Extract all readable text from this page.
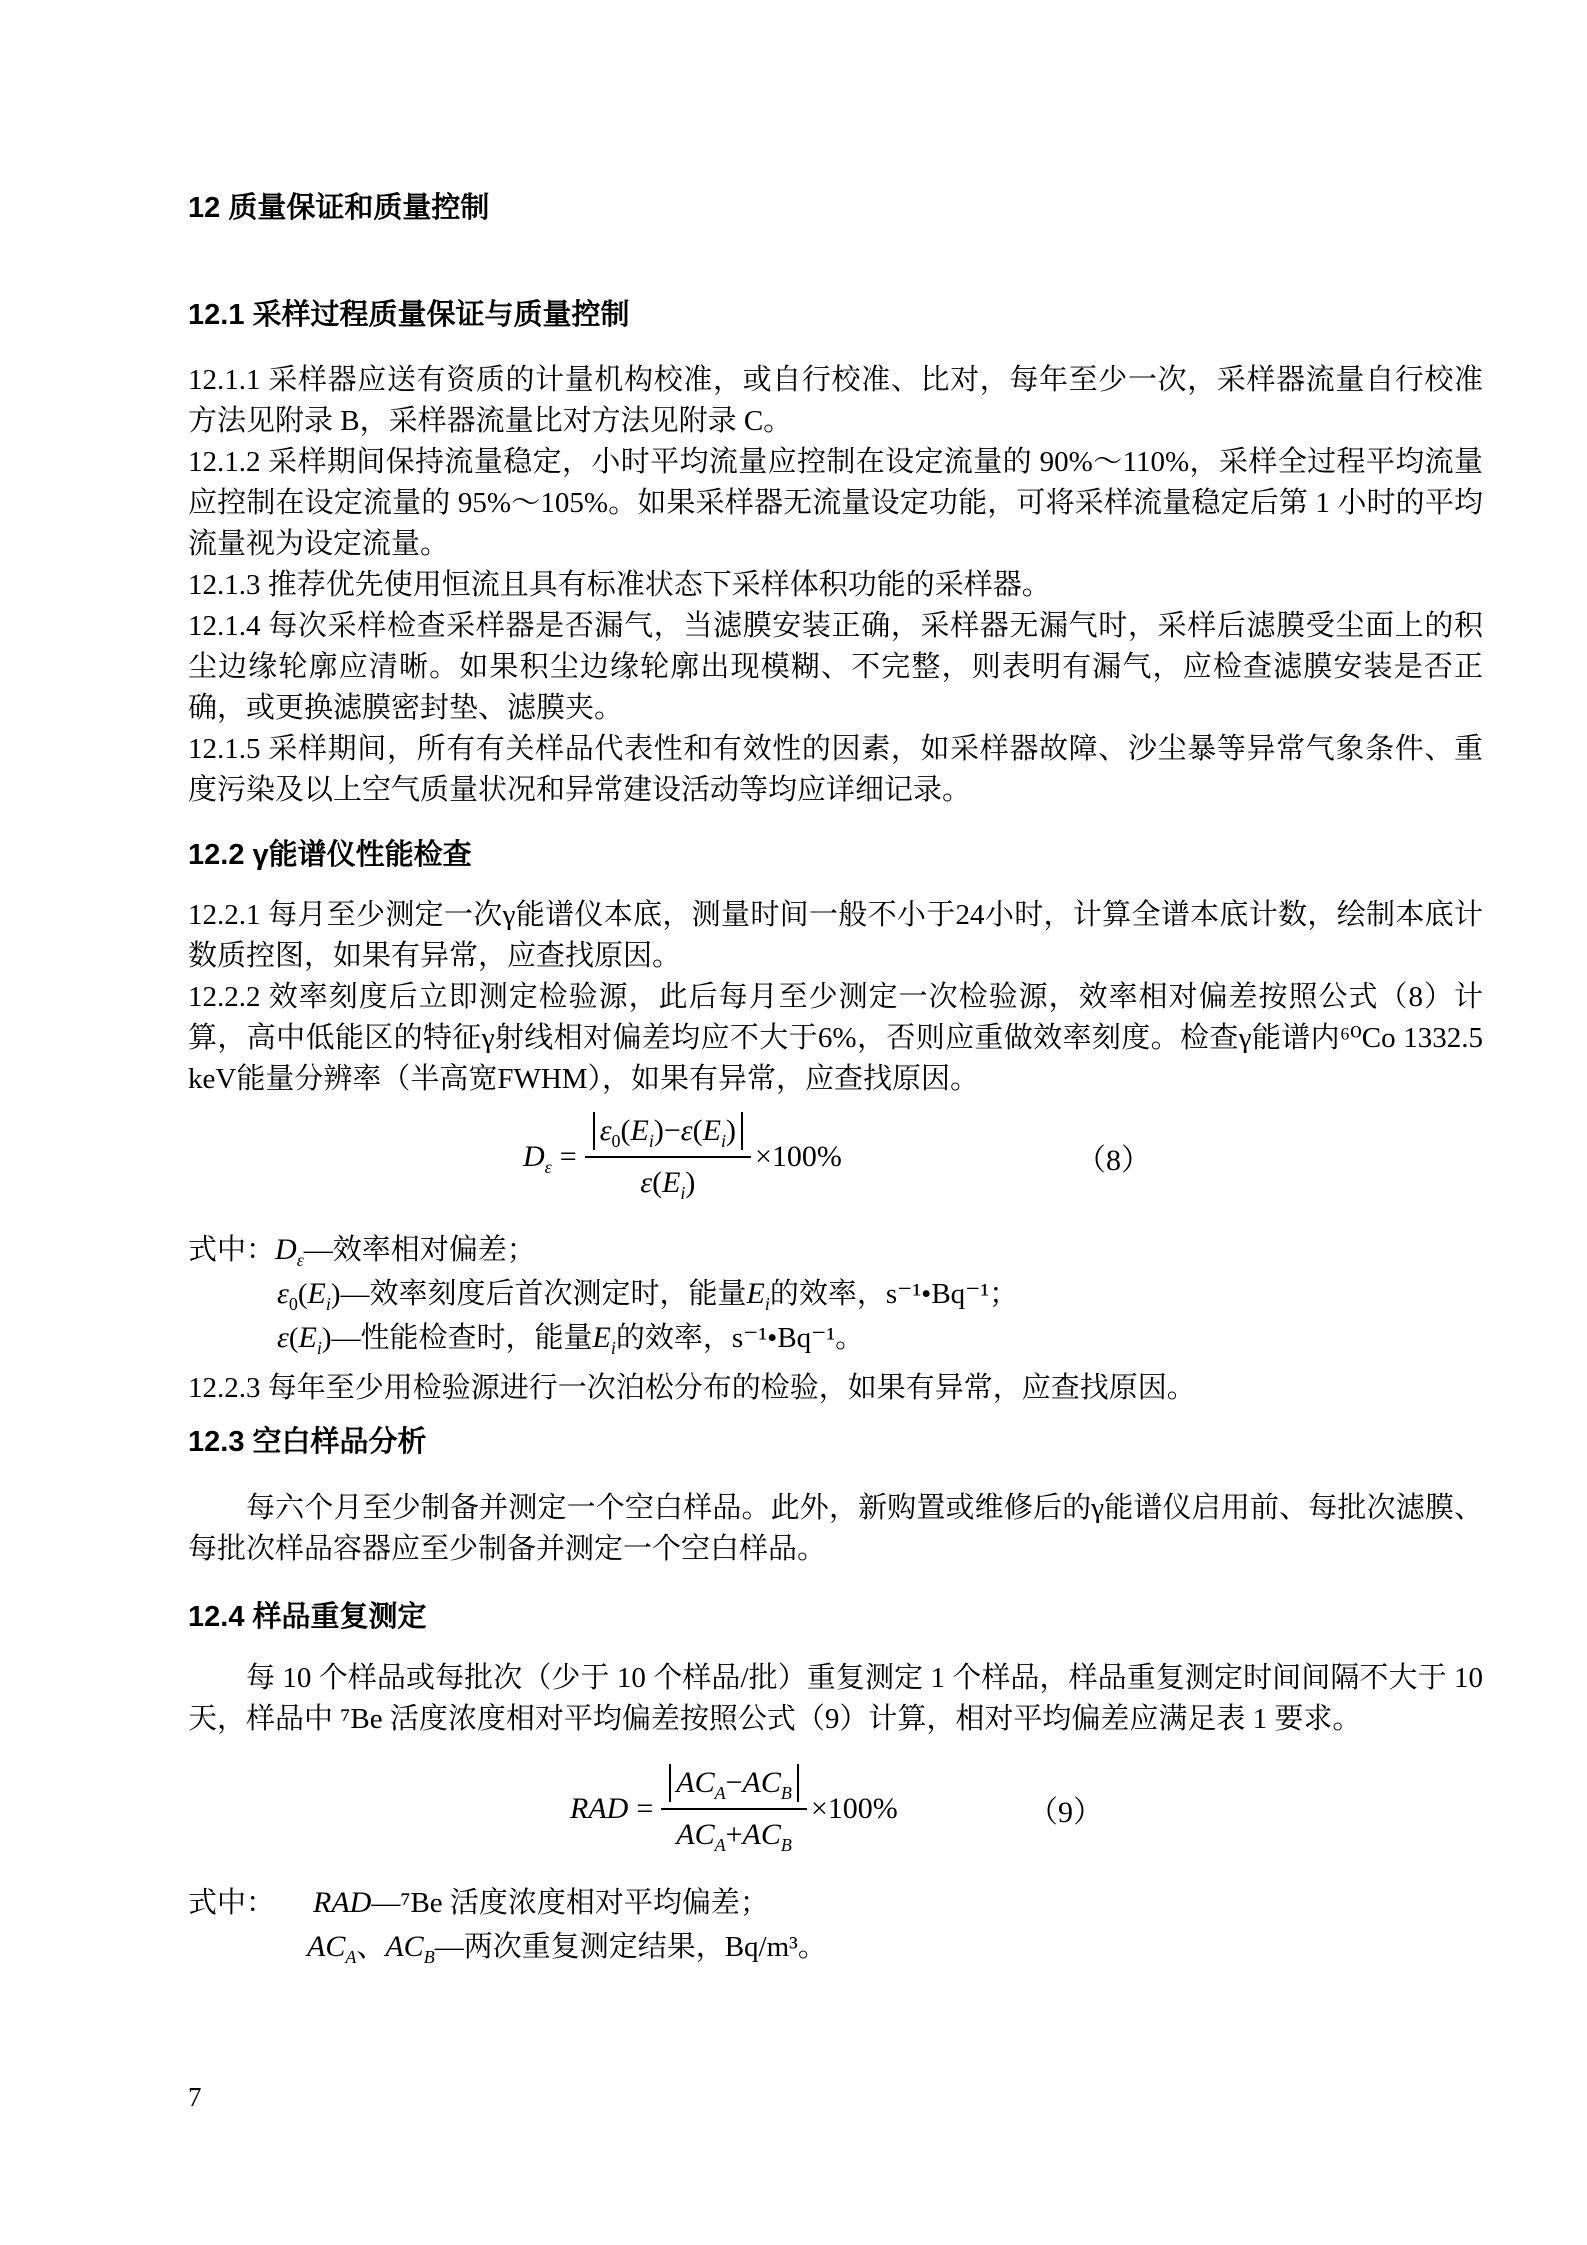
12 质量保证和质量控制
12.1 采样过程质量保证与质量控制

12.1.1 采样器应送有资质的计量机构校准，或自行校准、比对，每年至少一次，采样器流量自行校准方法见附录 B，采样器流量比对方法见附录 C。

12.1.2 采样期间保持流量稳定，小时平均流量应控制在设定流量的 90%～110%，采样全过程平均流量应控制在设定流量的 95%～105%。如果采样器无流量设定功能，可将采样流量稳定后第 1 小时的平均流量视为设定流量。

12.1.3 推荐优先使用恒流且具有标准状态下采样体积功能的采样器。

12.1.4 每次采样检查采样器是否漏气，当滤膜安装正确，采样器无漏气时，采样后滤膜受尘面上的积尘边缘轮廓应清晰。如果积尘边缘轮廓出现模糊、不完整，则表明有漏气，应检查滤膜安装是否正确，或更换滤膜密封垫、滤膜夹。

12.1.5 采样期间，所有有关样品代表性和有效性的因素，如采样器故障、沙尘暴等异常气象条件、重度污染及以上空气质量状况和异常建设活动等均应详细记录。

12.2 γ能谱仪性能检查

12.2.1 每月至少测定一次γ能谱仪本底，测量时间一般不小于24小时，计算全谱本底计数，绘制本底计数质控图，如果有异常，应查找原因。

12.2.2 效率刻度后立即测定检验源，此后每月至少测定一次检验源，效率相对偏差按照公式（8）计算，高中低能区的特征γ射线相对偏差均应不大于6%，否则应重做效率刻度。检查γ能谱内⁶⁰Co 1332.5 keV能量分辨率（半高宽FWHM），如果有异常，应查找原因。

$D_\varepsilon = \frac{\varepsilon_0(E_i)-\varepsilon(E_i)}{\varepsilon(E_i)} \times 100\%$	（8）
式中：$D_\varepsilon—$效率相对偏差；
$\varepsilon_0(E_i)—$效率刻度后首次测定时，能量$E_i$的效率，s⁻¹•Bq⁻¹；
$\varepsilon(E_i)—$性能检查时，能量$E_i$的效率，s⁻¹•Bq⁻¹。

12.2.3 每年至少用检验源进行一次泊松分布的检验，如果有异常，应查找原因。

12.3 空白样品分析

每六个月至少制备并测定一个空白样品。此外，新购置或维修后的γ能谱仪启用前、每批次滤膜、每批次样品容器应至少制备并测定一个空白样品。

12.4 样品重复测定

每 10 个样品或每批次（少于 10 个样品/批）重复测定 1 个样品，样品重复测定时间间隔不大于 10 天，样品中 ⁷Be 活度浓度相对平均偏差按照公式（9）计算，相对平均偏差应满足表 1 要求。

RAD = $\frac{AC_A-AC_B}{AC_A+AC_B} \times 100\%$	（9）
式中： RAD—⁷Be 活度浓度相对平均偏差；
$AC_A$、$AC_B—$两次重复测定结果，Bq/m³。
7
